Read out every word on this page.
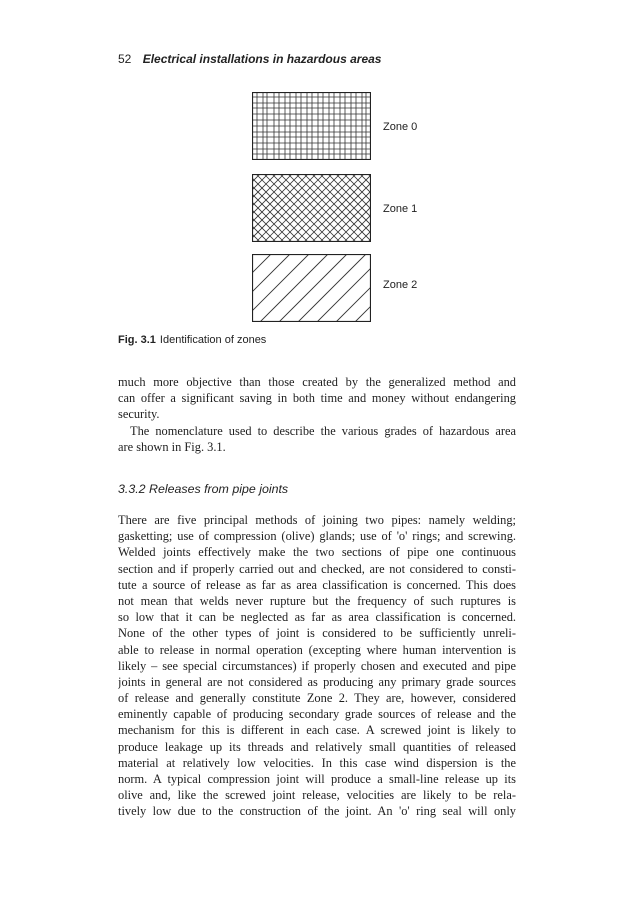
52 Electrical installations in hazardous areas
Zone 0
Zone 1
Zone 2
Fig. 3.1 Identification of zones
much more objective than those created by the generalized method and
can offer a significant saving in both time and money without endangering
security.
The nomenclature used to describe the various grades of hazardous area
are shown in Fig. 3.1.
3.3.2 Releases from pipe joints
There are five principal methods of joining two pipes: namely welding;
gasketting; use of compression (olive) glands; use of 'o' rings; and screwing.
Welded joints effectively make the two sections of pipe one continuous
section and if properly carried out and checked, are not considered to consti-
tute a source of release as far as area classification is concerned. This does
not mean that welds never rupture but the frequency of such ruptures is
so low that it can be neglected as far as area classification is concerned.
None of the other types of joint is considered to be sufficiently unreli-
able to release in normal operation (excepting where human intervention is
likely – see special circumstances) if properly chosen and executed and pipe
joints in general are not considered as producing any primary grade sources
of release and generally constitute Zone 2. They are, however, considered
eminently capable of producing secondary grade sources of release and the
mechanism for this is different in each case. A screwed joint is likely to
produce leakage up its threads and relatively small quantities of released
material at relatively low velocities. In this case wind dispersion is the
norm. A typical compression joint will produce a small-line release up its
olive and, like the screwed joint release, velocities are likely to be rela-
tively low due to the construction of the joint. An 'o' ring seal will only
